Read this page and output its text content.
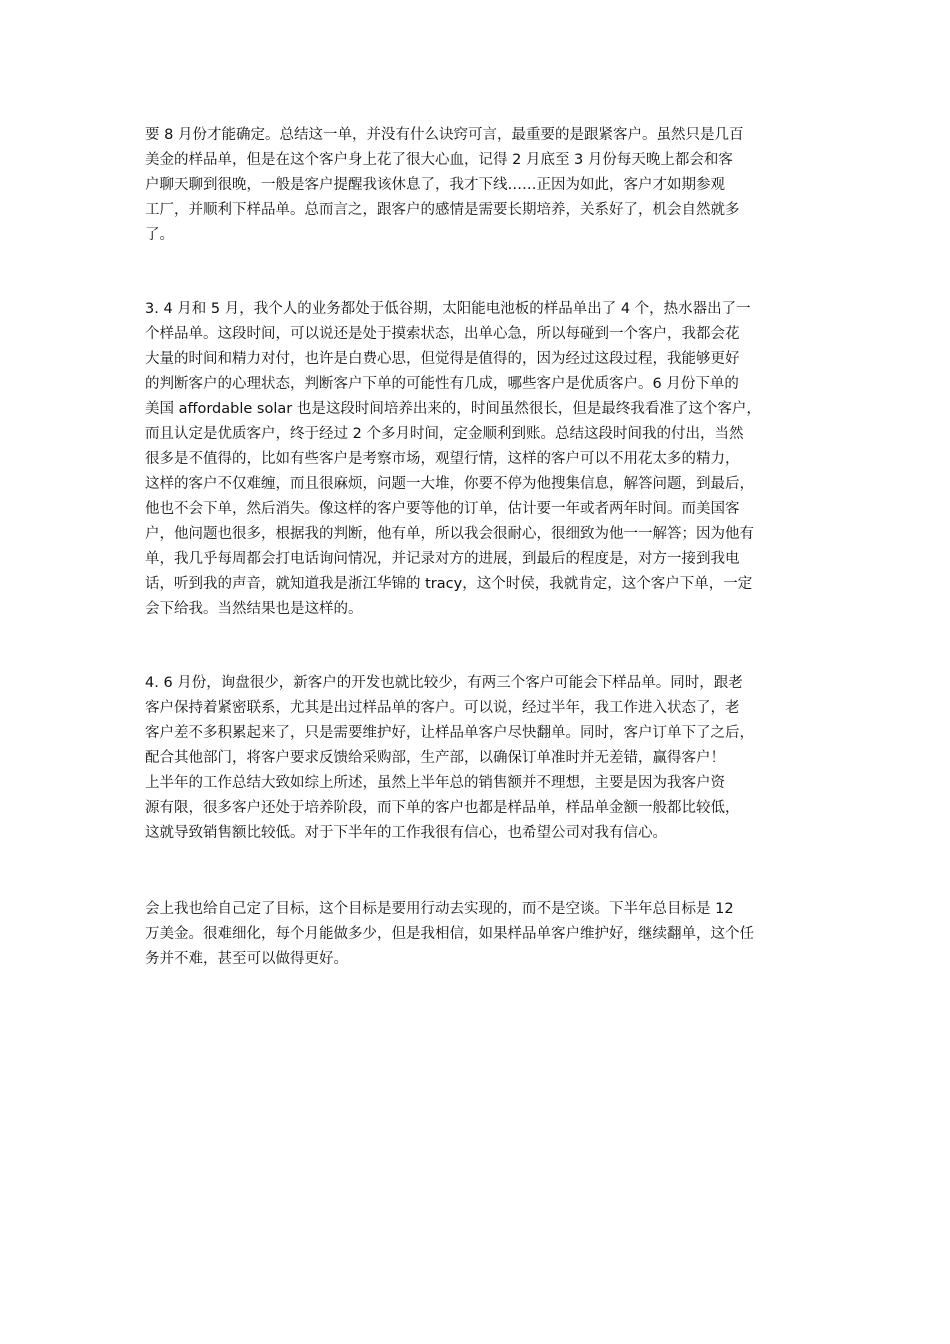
要 8 月份才能确定。总结这一单，并没有什么诀窍可言，最重要的是跟紧客户。虽然只是几百
美金的样品单，但是在这个客户身上花了很大心血，记得 2 月底至 3 月份每天晚上都会和客
户聊天聊到很晚，一般是客户提醒我该休息了，我才下线……正因为如此，客户才如期参观
工厂，并顺利下样品单。总而言之，跟客户的感情是需要长期培养，关系好了，机会自然就多
了。
3. 4 月和 5 月，我个人的业务都处于低谷期，太阳能电池板的样品单出了 4 个，热水器出了一
个样品单。这段时间，可以说还是处于摸索状态，出单心急，所以每碰到一个客户，我都会花
大量的时间和精力对付，也许是白费心思，但觉得是值得的，因为经过这段过程，我能够更好
的判断客户的心理状态，判断客户下单的可能性有几成，哪些客户是优质客户。6 月份下单的
美国 affordable solar 也是这段时间培养出来的，时间虽然很长，但是最终我看准了这个客户，
而且认定是优质客户，终于经过 2 个多月时间，定金顺利到账。总结这段时间我的付出，当然
很多是不值得的，比如有些客户是考察市场，观望行情，这样的客户可以不用花太多的精力，
这样的客户不仅难缠，而且很麻烦，问题一大堆，你要不停为他搜集信息，解答问题，到最后，
他也不会下单，然后消失。像这样的客户要等他的订单，估计要一年或者两年时间。而美国客
户，他问题也很多，根据我的判断，他有单，所以我会很耐心，很细致为他一一解答；因为他有
单，我几乎每周都会打电话询问情况，并记录对方的进展，到最后的程度是，对方一接到我电
话，听到我的声音，就知道我是浙江华锦的 tracy，这个时侯，我就肯定，这个客户下单，一定
会下给我。当然结果也是这样的。
4. 6 月份，询盘很少，新客户的开发也就比较少，有两三个客户可能会下样品单。同时，跟老
客户保持着紧密联系，尤其是出过样品单的客户。可以说，经过半年，我工作进入状态了，老
客户差不多积累起来了，只是需要维护好，让样品单客户尽快翻单。同时，客户订单下了之后，
配合其他部门，将客户要求反馈给采购部，生产部，以确保订单准时并无差错，赢得客户！
上半年的工作总结大致如综上所述，虽然上半年总的销售额并不理想，主要是因为我客户资
源有限，很多客户还处于培养阶段，而下单的客户也都是样品单，样品单金额一般都比较低，
这就导致销售额比较低。对于下半年的工作我很有信心，也希望公司对我有信心。
会上我也给自己定了目标，这个目标是要用行动去实现的，而不是空谈。下半年总目标是 12
万美金。很难细化，每个月能做多少，但是我相信，如果样品单客户维护好，继续翻单，这个任
务并不难，甚至可以做得更好。
